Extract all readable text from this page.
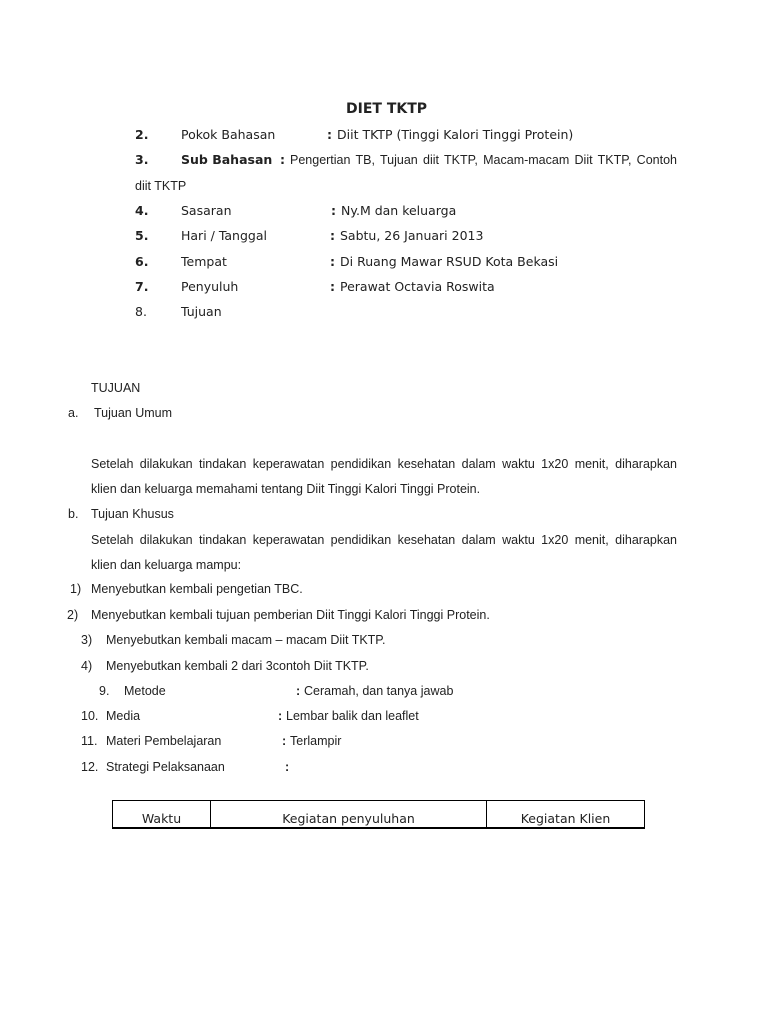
DIET TKTP
2.	Pokok Bahasan	: Diit TKTP (Tinggi Kalori Tinggi Protein)
3.	Sub Bahasan : Pengertian TB, Tujuan diit TKTP, Macam-macam Diit TKTP, Contoh
diit TKTP
4.	Sasaran	: Ny.M dan keluarga
5.	Hari / Tanggal	: Sabtu, 26 Januari 2013
6.	Tempat	: Di Ruang Mawar RSUD Kota Bekasi
7.	Penyuluh	: Perawat Octavia Roswita
8.	Tujuan
TUJUAN
a. Tujuan Umum
Setelah dilakukan tindakan keperawatan pendidikan kesehatan dalam waktu 1x20 menit, diharapkan
klien dan keluarga memahami tentang Diit Tinggi Kalori Tinggi Protein.
b. Tujuan Khusus
Setelah dilakukan tindakan keperawatan pendidikan kesehatan dalam waktu 1x20 menit, diharapkan
klien dan keluarga mampu:
1) Menyebutkan kembali pengetian TBC.
2) Menyebutkan kembali tujuan pemberian Diit Tinggi Kalori Tinggi Protein.
3) Menyebutkan kembali macam – macam Diit TKTP.
4) Menyebutkan kembali 2 dari 3contoh Diit TKTP.
9. Metode	: Ceramah, dan tanya jawab
10. Media	: Lembar balik dan leaflet
11. Materi Pembelajaran	: Terlampir
12. Strategi Pelaksanaan	:
Waktu	Kegiatan penyuluhan	Kegiatan Klien
